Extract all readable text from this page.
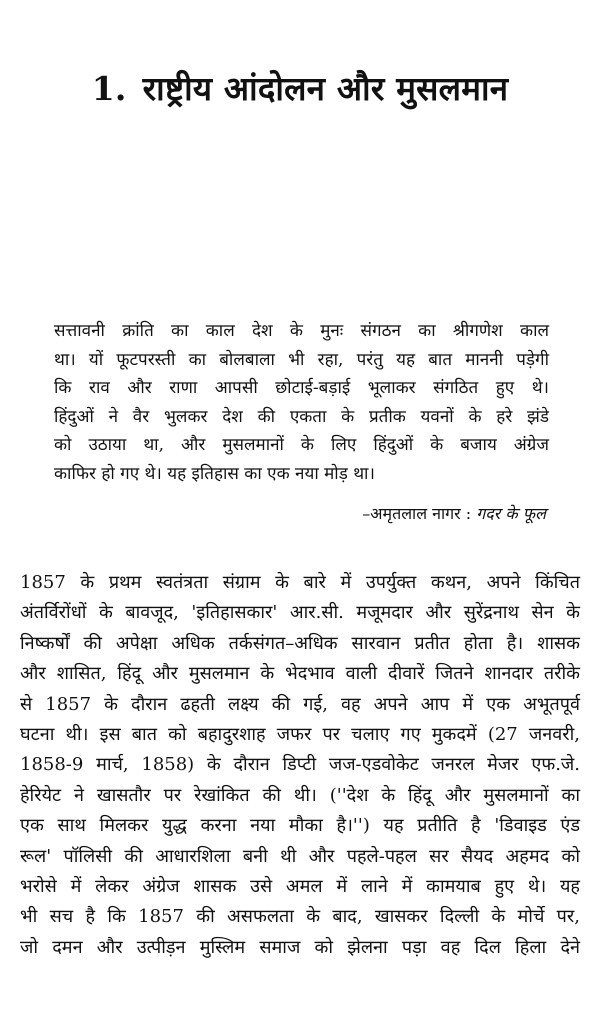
1. राष्ट्रीय आंदोलन और मुसलमान
सत्तावनी क्रांति का काल देश के मुनः संगठन का श्रीगणेश काल
था। यों फूटपरस्ती का बोलबाला भी रहा, परंतु यह बात माननी पड़ेगी
कि राव और राणा आपसी छोटाई-बड़ाई भूलाकर संगठित हुए थे।
हिंदुओं ने वैर भुलकर देश की एकता के प्रतीक यवनों के हरे झंडे
को उठाया था, और मुसलमानों के लिए हिंदुओं के बजाय अंग्रेज
काफिर हो गए थे। यह इतिहास का एक नया मोड़ था।
–अमृतलाल नागर : गदर के फूल
1857 के प्रथम स्वतंत्रता संग्राम के बारे में उपर्युक्त कथन, अपने किंचित
अंतर्विरोंधों के बावजूद, 'इतिहासकार' आर.सी. मजूमदार और सुरेंद्रनाथ सेन के
निष्कर्षों की अपेक्षा अधिक तर्कसंगत–अधिक सारवान प्रतीत होता है। शासक
और शासित, हिंदू और मुसलमान के भेदभाव वाली दीवारें जितने शानदार तरीके
से 1857 के दौरान ढहती लक्ष्य की गई, वह अपने आप में एक अभूतपूर्व
घटना थी। इस बात को बहादुरशाह जफर पर चलाए गए मुकदमें (27 जनवरी,
1858-9 मार्च, 1858) के दौरान डिप्टी जज-एडवोकेट जनरल मेजर एफ.जे.
हेरियेट ने खासतौर पर रेखांकित की थी। (''देश के हिंदू और मुसलमानों का
एक साथ मिलकर युद्ध करना नया मौका है।'') यह प्रतीति है 'डिवाइड एंड
रूल' पॉलिसी की आधारशिला बनी थी और पहले-पहल सर सैयद अहमद को
भरोसे में लेकर अंग्रेज शासक उसे अमल में लाने में कामयाब हुए थे। यह
भी सच है कि 1857 की असफलता के बाद, खासकर दिल्ली के मोर्चे पर,
जो दमन और उत्पीड़न मुस्लिम समाज को झेलना पड़ा वह दिल हिला देने
